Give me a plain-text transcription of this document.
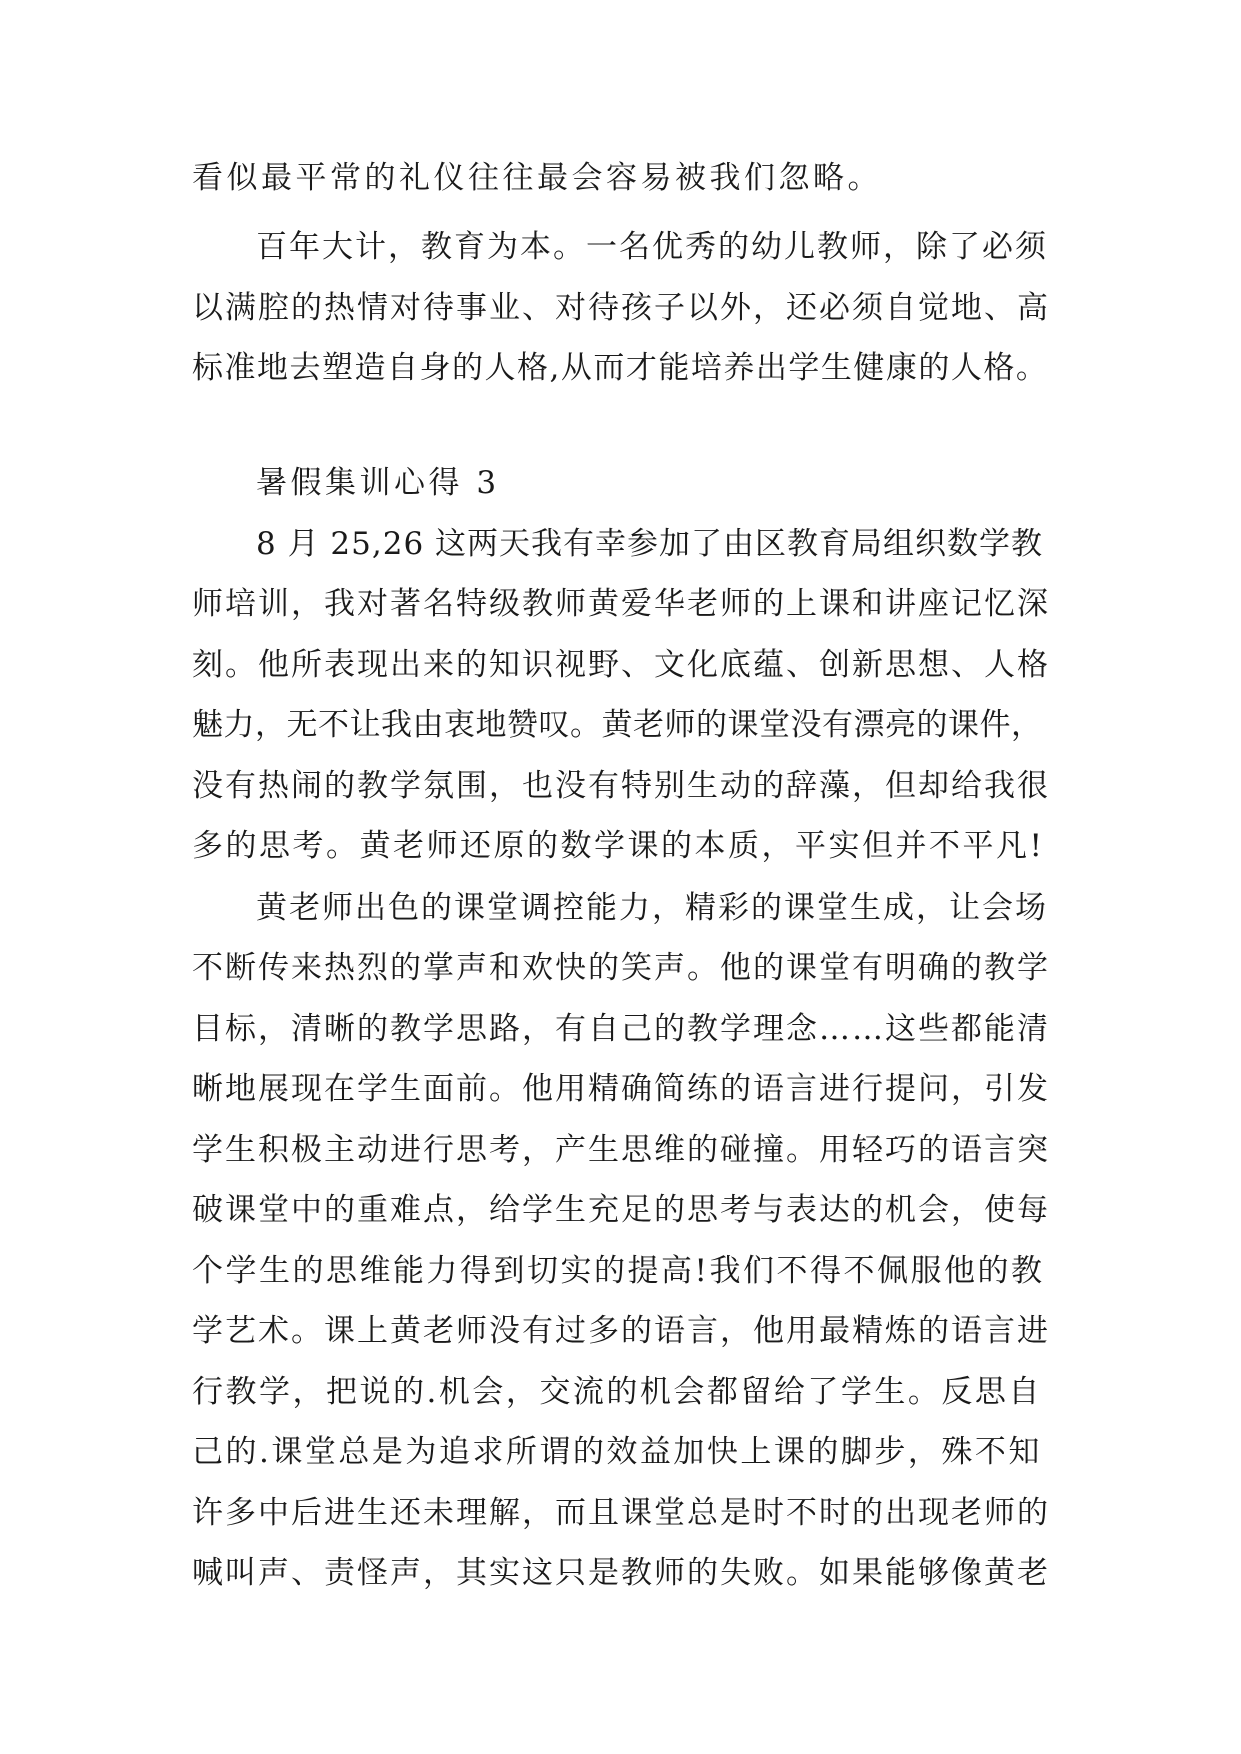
看似最平常的礼仪往往最会容易被我们忽略。
百年大计，教育为本。一名优秀的幼儿教师，除了必须
以满腔的热情对待事业、对待孩子以外，还必须自觉地、高
标准地去塑造自身的人格,从而才能培养出学生健康的人格。
暑假集训心得 3
8 月 25,26 这两天我有幸参加了由区教育局组织数学教
师培训，我对著名特级教师黄爱华老师的上课和讲座记忆深
刻。他所表现出来的知识视野、文化底蕴、创新思想、人格
魅力，无不让我由衷地赞叹。黄老师的课堂没有漂亮的课件，
没有热闹的教学氛围，也没有特别生动的辞藻，但却给我很
多的思考。黄老师还原的数学课的本质，平实但并不平凡!
黄老师出色的课堂调控能力，精彩的课堂生成，让会场
不断传来热烈的掌声和欢快的笑声。他的课堂有明确的教学
目标，清晰的教学思路，有自己的教学理念……这些都能清
晰地展现在学生面前。他用精确简练的语言进行提问，引发
学生积极主动进行思考，产生思维的碰撞。用轻巧的语言突
破课堂中的重难点，给学生充足的思考与表达的机会，使每
个学生的思维能力得到切实的提高!我们不得不佩服他的教
学艺术。课上黄老师没有过多的语言，他用最精炼的语言进
行教学，把说的.机会，交流的机会都留给了学生。反思自
己的.课堂总是为追求所谓的效益加快上课的脚步，殊不知
许多中后进生还未理解，而且课堂总是时不时的出现老师的
喊叫声、责怪声，其实这只是教师的失败。如果能够像黄老
